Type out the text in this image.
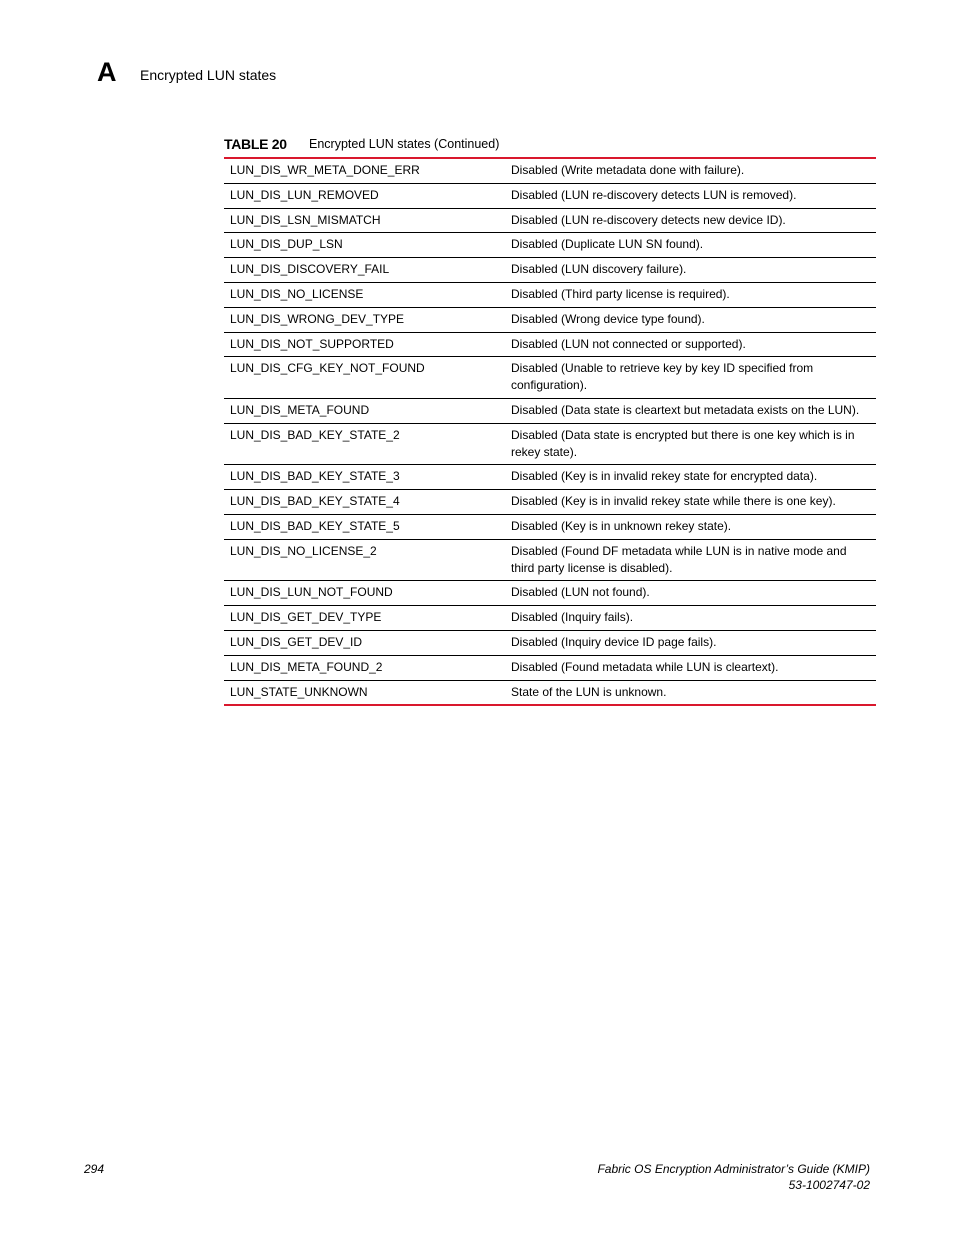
A Encrypted LUN states
TABLE 20 Encrypted LUN states (Continued)
LUN_DIS_WR_META_DONE_ERR	Disabled (Write metadata done with failure).
LUN_DIS_LUN_REMOVED	Disabled (LUN re-discovery detects LUN is removed).
LUN_DIS_LSN_MISMATCH	Disabled (LUN re-discovery detects new device ID).
LUN_DIS_DUP_LSN	Disabled (Duplicate LUN SN found).
LUN_DIS_DISCOVERY_FAIL	Disabled (LUN discovery failure).
LUN_DIS_NO_LICENSE	Disabled (Third party license is required).
LUN_DIS_WRONG_DEV_TYPE	Disabled (Wrong device type found).
LUN_DIS_NOT_SUPPORTED	Disabled (LUN not connected or supported).
LUN_DIS_CFG_KEY_NOT_FOUND	Disabled (Unable to retrieve key by key ID specified from configuration).
LUN_DIS_META_FOUND	Disabled (Data state is cleartext but metadata exists on the LUN).
LUN_DIS_BAD_KEY_STATE_2	Disabled (Data state is encrypted but there is one key which is in rekey state).
LUN_DIS_BAD_KEY_STATE_3	Disabled (Key is in invalid rekey state for encrypted data).
LUN_DIS_BAD_KEY_STATE_4	Disabled (Key is in invalid rekey state while there is one key).
LUN_DIS_BAD_KEY_STATE_5	Disabled (Key is in unknown rekey state).
LUN_DIS_NO_LICENSE_2	Disabled (Found DF metadata while LUN is in native mode and third party license is disabled).
LUN_DIS_LUN_NOT_FOUND	Disabled (LUN not found).
LUN_DIS_GET_DEV_TYPE	Disabled (Inquiry fails).
LUN_DIS_GET_DEV_ID	Disabled (Inquiry device ID page fails).
LUN_DIS_META_FOUND_2	Disabled (Found metadata while LUN is cleartext).
LUN_STATE_UNKNOWN	State of the LUN is unknown.
294	Fabric OS Encryption Administrator’s Guide (KMIP)
53-1002747-02
